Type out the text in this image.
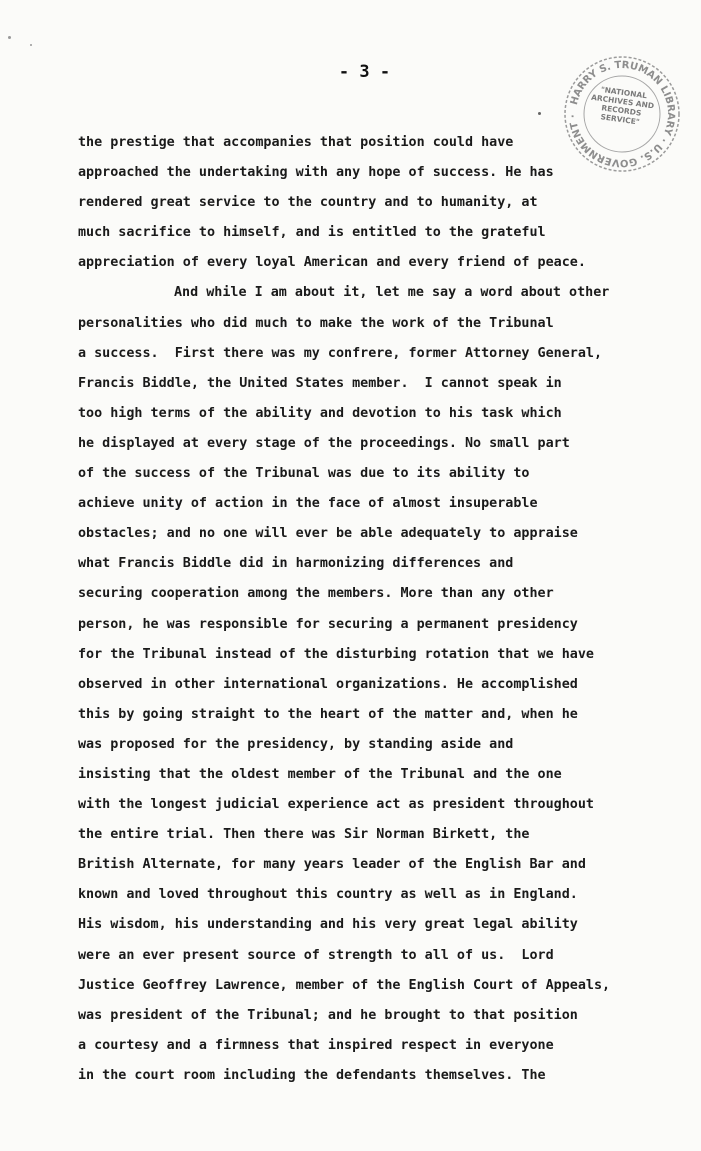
- 3 -
HARRY S. TRUMAN LIBRARY · U.S. GOVERNMENT ·
"NATIONAL ARCHIVES AND RECORDS SERVICE"
the prestige that accompanies that position could have
approached the undertaking with any hope of success. He has
rendered great service to the country and to humanity, at
much sacrifice to himself, and is entitled to the grateful
appreciation of every loyal American and every friend of peace.
And while I am about it, let me say a word about other
personalities who did much to make the work of the Tribunal
a success.  First there was my confrere, former Attorney General,
Francis Biddle, the United States member.  I cannot speak in
too high terms of the ability and devotion to his task which
he displayed at every stage of the proceedings. No small part
of the success of the Tribunal was due to its ability to
achieve unity of action in the face of almost insuperable
obstacles; and no one will ever be able adequately to appraise
what Francis Biddle did in harmonizing differences and
securing cooperation among the members. More than any other
person, he was responsible for securing a permanent presidency
for the Tribunal instead of the disturbing rotation that we have
observed in other international organizations. He accomplished
this by going straight to the heart of the matter and, when he
was proposed for the presidency, by standing aside and
insisting that the oldest member of the Tribunal and the one
with the longest judicial experience act as president throughout
the entire trial. Then there was Sir Norman Birkett, the
British Alternate, for many years leader of the English Bar and
known and loved throughout this country as well as in England.
His wisdom, his understanding and his very great legal ability
were an ever present source of strength to all of us.  Lord
Justice Geoffrey Lawrence, member of the English Court of Appeals,
was president of the Tribunal; and he brought to that position
a courtesy and a firmness that inspired respect in everyone
in the court room including the defendants themselves. The
